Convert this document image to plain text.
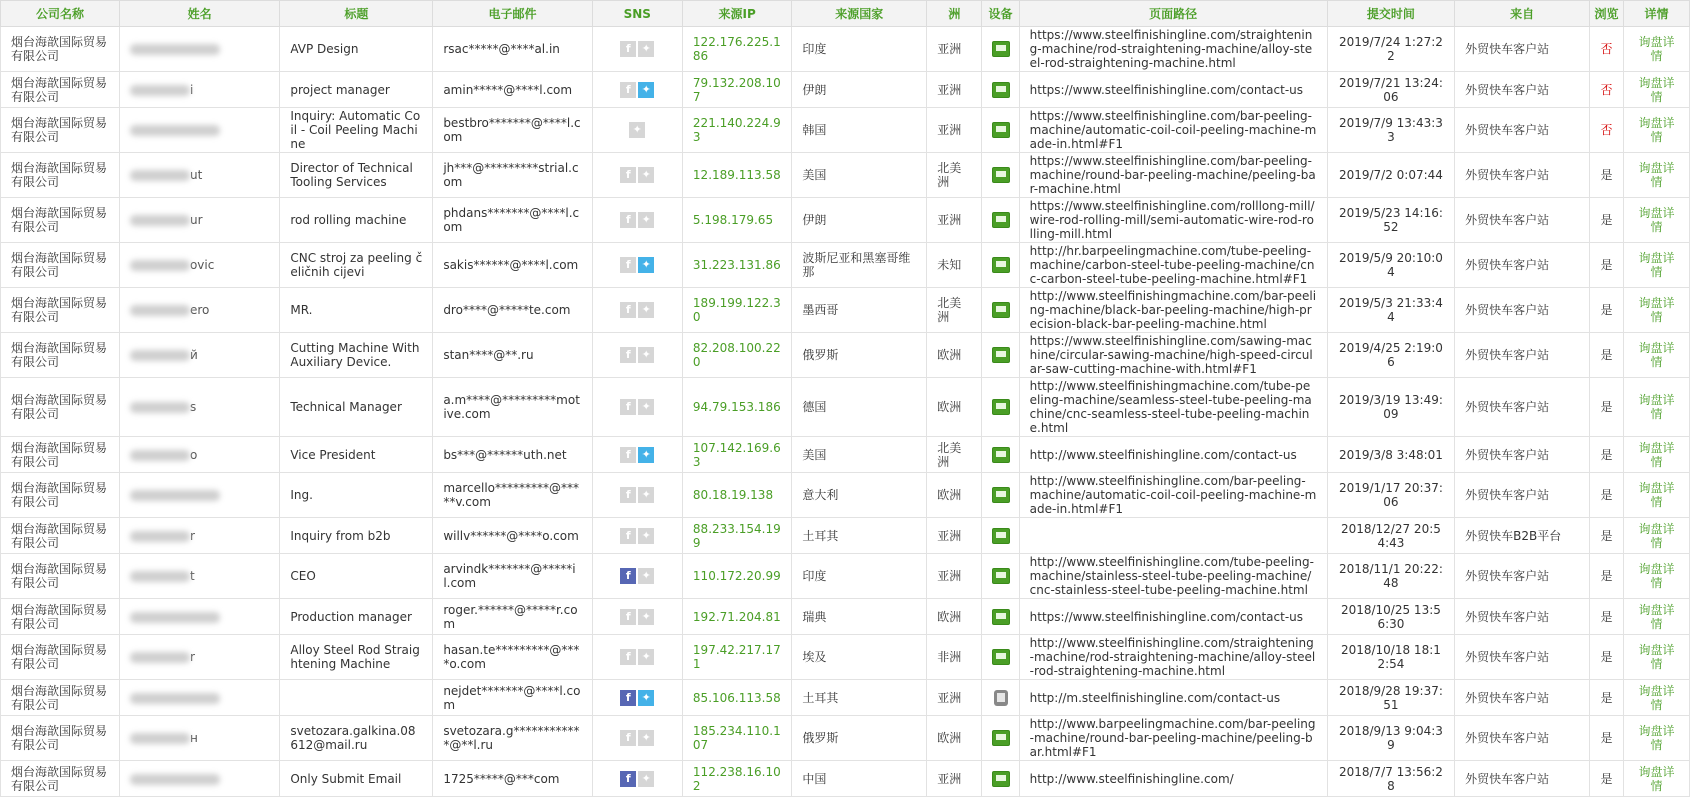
公司名称	姓名	标题	电子邮件	SNS	来源IP	来源国家	洲	设备	页面路径	提交时间	来自	浏览	详情
烟台海歆国际贸易有限公司		AVP Design	rsac*****@****al.in	f ✦	122.176.225.186	印度	亚洲		https://www.steelfinishingline.com/straightening-machine/rod-straightening-machine/alloy-steel-rod-straightening-machine.html	2019/7/24 1:27:22	外贸快车客户站	否	询盘详情
烟台海歆国际贸易有限公司	i	project manager	amin*****@****l.com	f ✦	79.132.208.107	伊朗	亚洲		https://www.steelfinishingline.com/contact-us	2019/7/21 13:24:06	外贸快车客户站	否	询盘详情
烟台海歆国际贸易有限公司		Inquiry: Automatic Coil - Coil Peeling Machine	bestbro*******@****l.com	✦	221.140.224.93	韩国	亚洲		https://www.steelfinishingline.com/bar-peeling-machine/automatic-coil-coil-peeling-machine-made-in.html#F1	2019/7/9 13:43:33	外贸快车客户站	否	询盘详情
烟台海歆国际贸易有限公司	ut	Director of Technical Tooling Services	jh***@*********strial.com	f ✦	12.189.113.58	美国	北美洲		https://www.steelfinishingline.com/bar-peeling-machine/round-bar-peeling-machine/peeling-bar-machine.html	2019/7/2 0:07:44	外贸快车客户站	是	询盘详情
烟台海歆国际贸易有限公司	ur	rod rolling machine	phdans*******@****l.com	f ✦	5.198.179.65	伊朗	亚洲		https://www.steelfinishingline.com/rolllong-mill/wire-rod-rolling-mill/semi-automatic-wire-rod-rolling-mill.html	2019/5/23 14:16:52	外贸快车客户站	是	询盘详情
烟台海歆国际贸易有限公司	ovic	CNC stroj za peeling čeličnih cijevi	sakis******@****l.com	f ✦	31.223.131.86	波斯尼亚和黑塞哥维那	未知		http://hr.barpeelingmachine.com/tube-peeling-machine/carbon-steel-tube-peeling-machine/cnc-carbon-steel-tube-peeling-machine.html#F1	2019/5/9 20:10:04	外贸快车客户站	是	询盘详情
烟台海歆国际贸易有限公司	ero	MR.	dro****@*****te.com	f ✦	189.199.122.30	墨西哥	北美洲		http://www.steelfinishingmachine.com/bar-peeling-machine/black-bar-peeling-machine/high-precision-black-bar-peeling-machine.html	2019/5/3 21:33:44	外贸快车客户站	是	询盘详情
烟台海歆国际贸易有限公司	й	Cutting Machine With Auxiliary Device.	stan****@**.ru	f ✦	82.208.100.220	俄罗斯	欧洲		https://www.steelfinishingline.com/sawing-machine/circular-sawing-machine/high-speed-circular-saw-cutting-machine-with.html#F1	2019/4/25 2:19:06	外贸快车客户站	是	询盘详情
烟台海歆国际贸易有限公司	s	Technical Manager	a.m****@*********motive.com	f ✦	94.79.153.186	德国	欧洲		http://www.steelfinishingmachine.com/tube-peeling-machine/seamless-steel-tube-peeling-machine/cnc-seamless-steel-tube-peeling-machine.html	2019/3/19 13:49:09	外贸快车客户站	是	询盘详情
烟台海歆国际贸易有限公司	o	Vice President	bs***@******uth.net	f ✦	107.142.169.63	美国	北美洲		http://www.steelfinishingline.com/contact-us	2019/3/8 3:48:01	外贸快车客户站	是	询盘详情
烟台海歆国际贸易有限公司		Ing.	marcello*********@*****v.com	f ✦	80.18.19.138	意大利	欧洲		http://www.steelfinishingline.com/bar-peeling-machine/automatic-coil-coil-peeling-machine-made-in.html#F1	2019/1/17 20:37:06	外贸快车客户站	是	询盘详情
烟台海歆国际贸易有限公司	r	Inquiry from b2b	willv******@****o.com	f ✦	88.233.154.199	土耳其	亚洲			2018/12/27 20:54:43	外贸快车B2B平台	是	询盘详情
烟台海歆国际贸易有限公司	t	CEO	arvindk*******@*****il.com	f ✦	110.172.20.99	印度	亚洲		http://www.steelfinishingline.com/tube-peeling-machine/stainless-steel-tube-peeling-machine/cnc-stainless-steel-tube-peeling-machine.html	2018/11/1 20:22:48	外贸快车客户站	是	询盘详情
烟台海歆国际贸易有限公司		Production manager	roger.******@*****r.com	f ✦	192.71.204.81	瑞典	欧洲		https://www.steelfinishingline.com/contact-us	2018/10/25 13:56:30	外贸快车客户站	是	询盘详情
烟台海歆国际贸易有限公司	r	Alloy Steel Rod Straightening Machine	hasan.te*********@****o.com	f ✦	197.42.217.171	埃及	非洲		http://www.steelfinishingline.com/straightening-machine/rod-straightening-machine/alloy-steel-rod-straightening-machine.html	2018/10/18 18:12:54	外贸快车客户站	是	询盘详情
烟台海歆国际贸易有限公司			nejdet*******@****l.com	f ✦	85.106.113.58	土耳其	亚洲		http://m.steelfinishingline.com/contact-us	2018/9/28 19:37:51	外贸快车客户站	是	询盘详情
烟台海歆国际贸易有限公司	н	svetozara.galkina.08612@mail.ru	svetozara.g************@**l.ru	f ✦	185.234.110.107	俄罗斯	欧洲		http://www.barpeelingmachine.com/bar-peeling-machine/round-bar-peeling-machine/peeling-bar.html#F1	2018/9/13 9:04:39	外贸快车客户站	是	询盘详情
烟台海歆国际贸易有限公司		Only Submit Email	1725*****@***com	f ✦	112.238.16.102	中国	亚洲		http://www.steelfinishingline.com/	2018/7/7 13:56:28	外贸快车客户站	是	询盘详情
